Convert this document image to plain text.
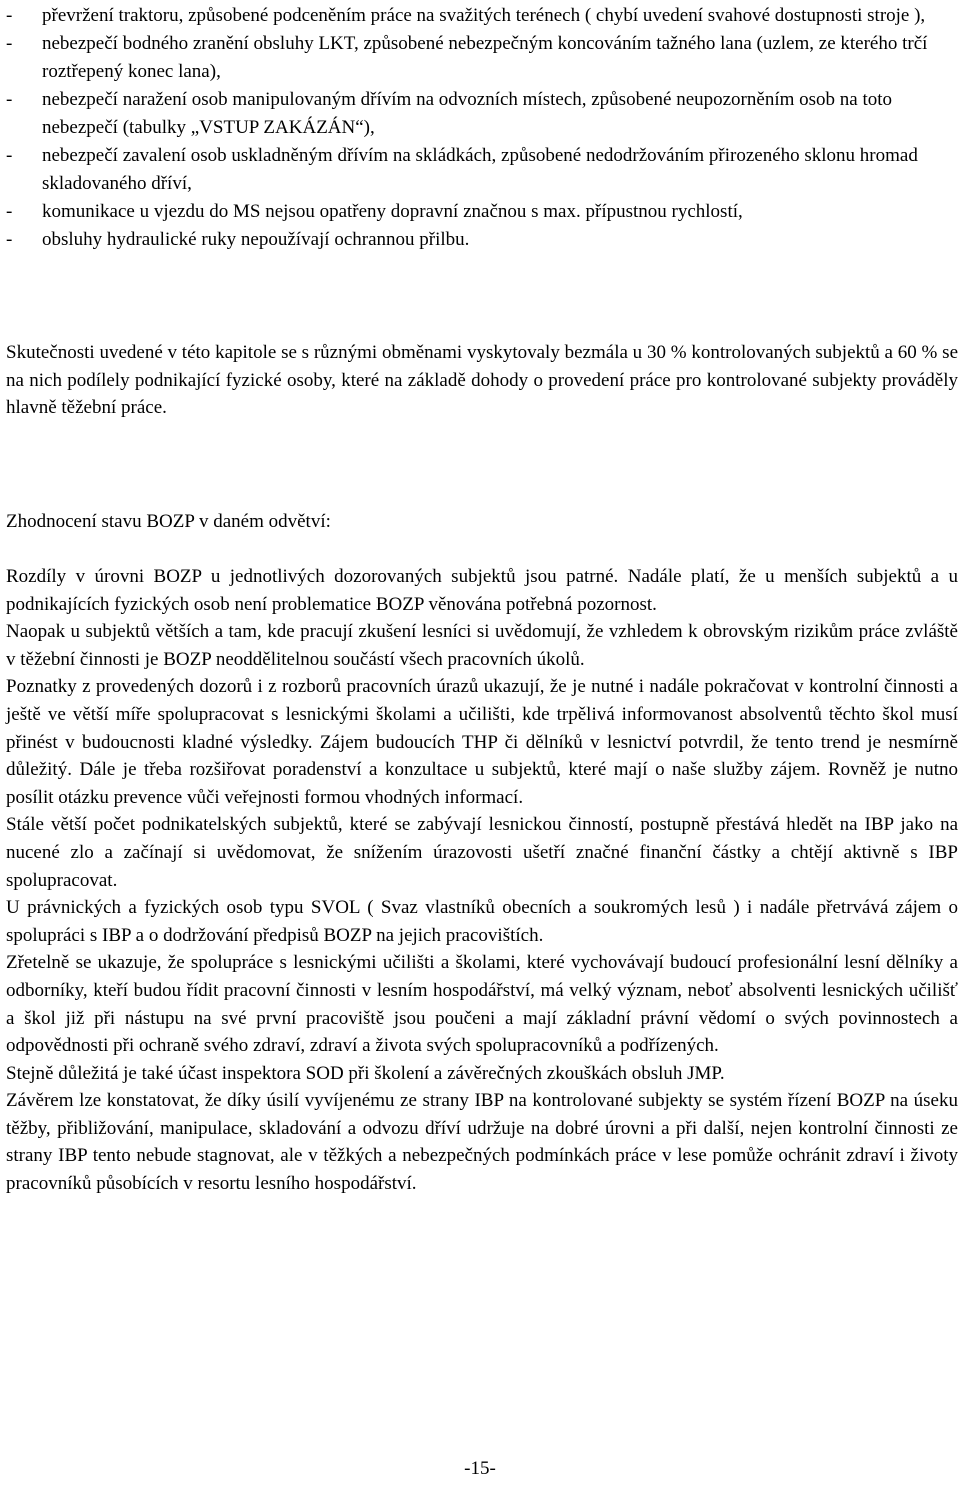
- převržení traktoru, způsobené podceněním práce na svažitých terénech ( chybí uvedení svahové dostupnosti stroje ),
- nebezpečí bodného zranění obsluhy LKT, způsobené nebezpečným koncováním tažného lana (uzlem, ze kterého trčí roztřepený konec lana),
- nebezpečí naražení osob manipulovaným dřívím na odvozních místech, způsobené neupozorněním osob na toto nebezpečí (tabulky „VSTUP ZAKÁZÁN“),
- nebezpečí zavalení osob uskladněným dřívím na skládkách, způsobené nedodržováním přirozeného sklonu hromad skladovaného dříví,
- komunikace u vjezdu do MS nejsou opatřeny dopravní značnou s max. přípustnou rychlostí,
- obsluhy hydraulické ruky nepoužívají ochrannou přilbu.

Skutečnosti uvedené v této kapitole se s různými obměnami vyskytovaly bezmála u 30 % kontrolovaných subjektů a 60 % se na nich podílely podnikající fyzické osoby, které na základě dohody o provedení práce pro kontrolované subjekty prováděly hlavně těžební práce.

Zhodnocení stavu BOZP v daném odvětví:

Rozdíly v úrovni BOZP u jednotlivých dozorovaných subjektů jsou patrné. Nadále platí, že u menších subjektů a u podnikajících fyzických osob není problematice BOZP věnována potřebná pozornost.

Naopak u subjektů větších a tam, kde pracují zkušení lesníci si uvědomují, že vzhledem k obrovským rizikům práce zvláště v těžební činnosti je BOZP neoddělitelnou součástí všech pracovních úkolů.

Poznatky z provedených dozorů i z rozborů pracovních úrazů ukazují, že je nutné i nadále pokračovat v kontrolní činnosti a ještě ve větší míře spolupracovat s lesnickými školami a učilišti, kde trpělivá informovanost absolventů těchto škol musí přinést v budoucnosti kladné výsledky. Zájem budoucích THP či dělníků v lesnictví potvrdil, že tento trend je nesmírně důležitý. Dále je třeba rozšiřovat poradenství a konzultace u subjektů, které mají o naše služby zájem. Rovněž je nutno posílit otázku prevence vůči veřejnosti formou vhodných informací.

Stále větší počet podnikatelských subjektů, které se zabývají lesnickou činností, postupně přestává hledět na IBP jako na nucené zlo a začínají si uvědomovat, že snížením úrazovosti ušetří značné finanční částky a chtějí aktivně s IBP spolupracovat.

U právnických a fyzických osob typu SVOL ( Svaz vlastníků obecních a soukromých lesů ) i nadále přetrvává zájem o spolupráci s IBP a o dodržování předpisů BOZP na jejich pracovištích.

Zřetelně se ukazuje, že spolupráce s lesnickými učilišti a školami, které vychovávají budoucí profesionální lesní dělníky a odborníky, kteří budou řídit pracovní činnosti v lesním hospodářství, má velký význam, neboť absolventi lesnických učilišť a škol již při nástupu na své první pracoviště jsou poučeni a mají základní právní vědomí o svých povinnostech a odpovědnosti při ochraně svého zdraví, zdraví a života svých spolupracovníků a podřízených.

Stejně důležitá je také účast inspektora SOD při školení a závěrečných zkouškách obsluh JMP.

Závěrem lze konstatovat, že díky úsilí vyvíjenému ze strany IBP na kontrolované subjekty se systém řízení BOZP na úseku těžby, přibližování, manipulace, skladování a odvozu dříví udržuje na dobré úrovni a při další, nejen kontrolní činnosti ze strany IBP tento nebude stagnovat, ale v těžkých a nebezpečných podmínkách práce v lese pomůže ochránit zdraví i životy pracovníků působících v resortu lesního hospodářství.

-15-
